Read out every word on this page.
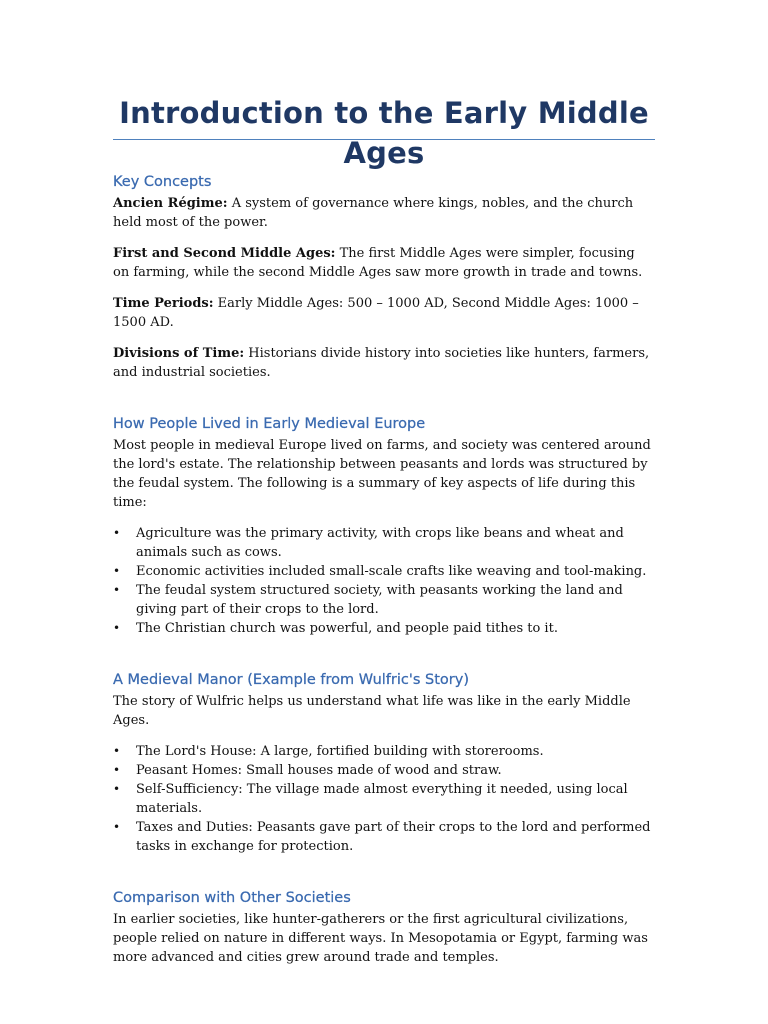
Introduction to the Early Middle Ages
Key Concepts

Ancien Régime: A system of governance where kings, nobles, and the church held most of the power.

First and Second Middle Ages: The first Middle Ages were simpler, focusing on farming, while the second Middle Ages saw more growth in trade and towns.

Time Periods: Early Middle Ages: 500 – 1000 AD, Second Middle Ages: 1000 – 1500 AD.

Divisions of Time: Historians divide history into societies like hunters, farmers, and industrial societies.

How People Lived in Early Medieval Europe

Most people in medieval Europe lived on farms, and society was centered around the lord's estate. The relationship between peasants and lords was structured by the feudal system. The following is a summary of key aspects of life during this time:

• Agriculture was the primary activity, with crops like beans and wheat and animals such as cows.
• Economic activities included small-scale crafts like weaving and tool-making.
• The feudal system structured society, with peasants working the land and giving part of their crops to the lord.
• The Christian church was powerful, and people paid tithes to it.
A Medieval Manor (Example from Wulfric's Story)

The story of Wulfric helps us understand what life was like in the early Middle Ages.

• The Lord's House: A large, fortified building with storerooms.
• Peasant Homes: Small houses made of wood and straw.
• Self-Sufficiency: The village made almost everything it needed, using local materials.
• Taxes and Duties: Peasants gave part of their crops to the lord and performed tasks in exchange for protection.
Comparison with Other Societies

In earlier societies, like hunter-gatherers or the first agricultural civilizations, people relied on nature in different ways. In Mesopotamia or Egypt, farming was more advanced and cities grew around trade and temples.
